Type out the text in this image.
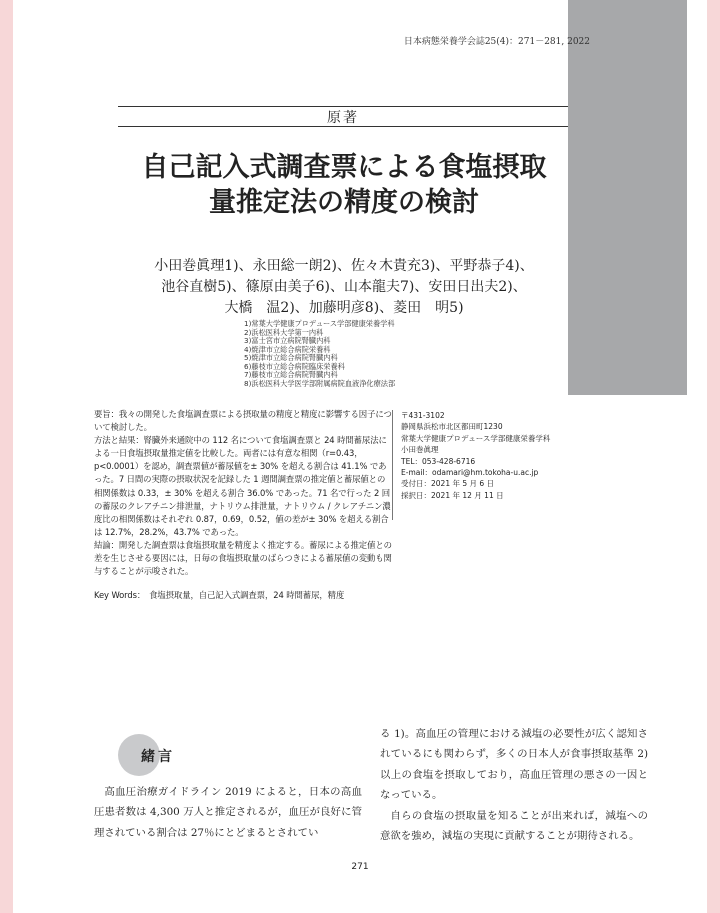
日本病態栄養学会誌25(4)：271－281, 2022
原著
自己記入式調査票による食塩摂取
量推定法の精度の検討
小田巻眞理1)、永田総一朗2)、佐々木貴充3)、平野恭子4)、
池谷直樹5)、篠原由美子6)、山本龍夫7)、安田日出夫2)、
大橋　温2)、加藤明彦8)、菱田　明5)
1)常葉大学健康プロデュース学部健康栄養学科
2)浜松医科大学第一内科
3)富士宮市立病院腎臓内科
4)焼津市立総合病院栄養科
5)焼津市立総合病院腎臓内科
6)藤枝市立総合病院臨床栄養科
7)藤枝市立総合病院腎臓内科
8)浜松医科大学医学部附属病院血液浄化療法部

要旨：我々の開発した食塩調査票による摂取量の精度と精度に影響する因子について検討した。

方法と結果：腎臓外来通院中の 112 名について食塩調査票と 24 時間蓄尿法による一日食塩摂取量推定値を比較した。両者には有意な相関（r=0.43，p<0.0001）を認め，調査票値が蓄尿値を± 30% を超える割合は 41.1% であった。7 日間の実際の摂取状況を記録した 1 週間調査票の推定値と蓄尿値との相関係数は 0.33，± 30% を超える割合 36.0% であった。71 名で行った 2 回の蓄尿のクレアチニン排泄量，ナトリウム排泄量，ナトリウム / クレアチニン濃度比の相関係数はそれぞれ 0.87，0.69，0.52，値の差が± 30% を超える割合は 12.7%，28.2%，43.7% であった。

結論：開発した調査票は食塩摂取量を精度よく推定する。蓄尿による推定値との差を生じさせる要因には，日毎の食塩摂取量のばらつきによる蓄尿値の変動も関与することが示唆された。

Key Words： 食塩摂取量，自己記入式調査票，24 時間蓄尿，精度

〒431-3102
静岡県浜松市北区都田町1230
常葉大学健康プロデュース学部健康栄養学科
小田巻眞理
TEL：053-428-6716
E-mail：odamari@hm.tokoha-u.ac.jp
受付日：2021 年 5 月 6 日
採択日：2021 年 12 月 11 日
緒言

高血圧治療ガイドライン 2019 によると，日本の高血圧患者数は 4,300 万人と推定されるが，血圧が良好に管理されている割合は 27％にとどまるとされてい

る 1)。高血圧の管理における減塩の必要性が広く認知されているにも関わらず，多くの日本人が食事摂取基準 2)以上の食塩を摂取しており，高血圧管理の悪さの一因となっている。

自らの食塩の摂取量を知ることが出来れば，減塩への意欲を強め，減塩の実現に貢献することが期待される。

271
